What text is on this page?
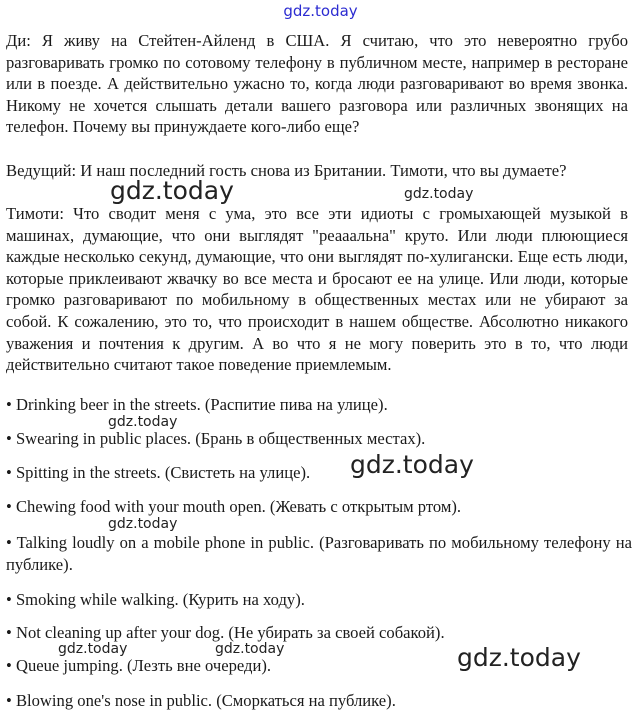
gdz.today

Ди: Я живу на Стейтен-Айленд в США. Я считаю, что это невероятно грубо разговаривать громко по сотовому телефону в публичном месте, например в ресторане или в поезде. А действительно ужасно то, когда люди разговаривают во время звонка. Никому не хочется слышать детали вашего разговора или различных звонящих на телефон. Почему вы принуждаете кого-либо еще?

Ведущий: И наш последний гость снова из Британии. Тимоти, что вы думаете?

Тимоти: Что сводит меня с ума, это все эти идиоты с громыхающей музыкой в машинах, думающие, что они выглядят "реааальна" круто. Или люди плюющиеся каждые несколько секунд, думающие, что они выглядят по-хулигански. Еще есть люди, которые приклеивают жвачку во все места и бросают ее на улице. Или люди, которые громко разговаривают по мобильному в общественных местах или не убирают за собой. К сожалению, это то, что происходит в нашем обществе. Абсолютно никакого уважения и почтения к другим. А во что я не могу поверить это в то, что люди действительно считают такое поведение приемлемым.

• Drinking beer in the streets. (Распитие пива на улице).

• Swearing in public places. (Брань в общественных местах).

• Spitting in the streets. (Свистеть на улице).

• Chewing food with your mouth open. (Жевать с открытым ртом).

• Talking loudly on a mobile phone in public. (Разговаривать по мобильному телефону на публике).

• Smoking while walking. (Курить на ходу).

• Not cleaning up after your dog. (Не убирать за своей собакой).

• Queue jumping. (Лезть вне очереди).

• Blowing one's nose in public. (Сморкаться на публике).

gdz.today	gdz.today
gdz.today
gdz.today
gdz.today
gdz.today	gdz.today	gdz.today
